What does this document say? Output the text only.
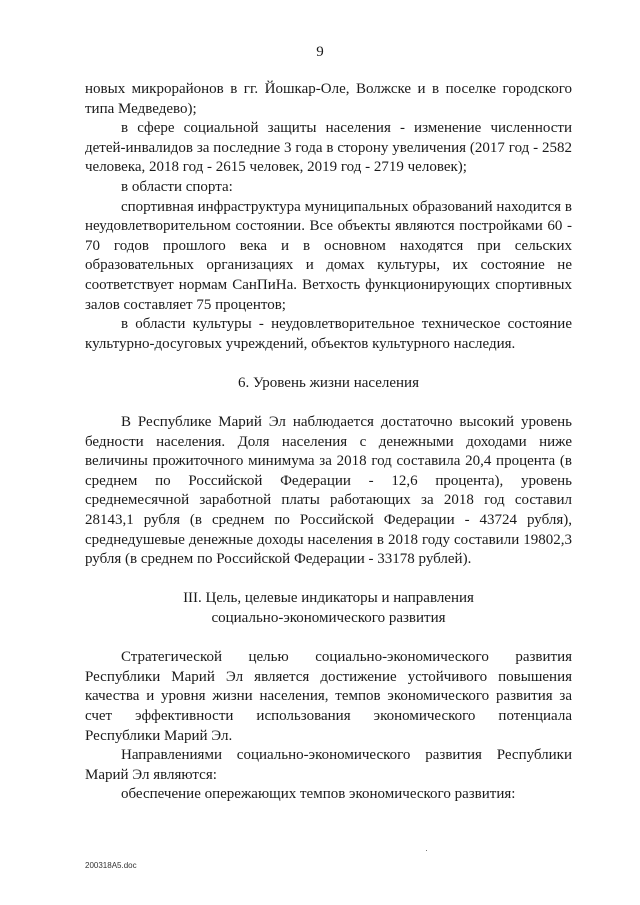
9

новых микрорайонов в гг. Йошкар-Оле, Волжске и в поселке городского типа Медведево);

в сфере социальной защиты населения - изменение численности детей-инвалидов за последние 3 года в сторону увеличения (2017 год - 2582 человека, 2018 год - 2615 человек, 2019 год - 2719 человек);

в области спорта:

спортивная инфраструктура муниципальных образований находится в неудовлетворительном состоянии. Все объекты являются постройками 60 - 70 годов прошлого века и в основном находятся при сельских образовательных организациях и домах культуры, их состояние не соответствует нормам СанПиНа. Ветхость функционирующих спортивных залов составляет 75 процентов;

в области культуры - неудовлетворительное техническое состояние культурно-досуговых учреждений, объектов культурного наследия.

6. Уровень жизни населения

В Республике Марий Эл наблюдается достаточно высокий уровень бедности населения. Доля населения с денежными доходами ниже величины прожиточного минимума за 2018 год составила 20,4 процента (в среднем по Российской Федерации - 12,6 процента), уровень среднемесячной заработной платы работающих за 2018 год составил 28143,1 рубля (в среднем по Российской Федерации - 43724 рубля), среднедушевые денежные доходы населения в 2018 году составили 19802,3 рубля (в среднем по Российской Федерации - 33178 рублей).

III. Цель, целевые индикаторы и направления

социально-экономического развития

Стратегической целью социально-экономического развития Республики Марий Эл является достижение устойчивого повышения качества и уровня жизни населения, темпов экономического развития за счет эффективности использования экономического потенциала Республики Марий Эл.

Направлениями социально-экономического развития Республики Марий Эл являются:

обеспечение опережающих темпов экономического развития:

200318A5.doc
